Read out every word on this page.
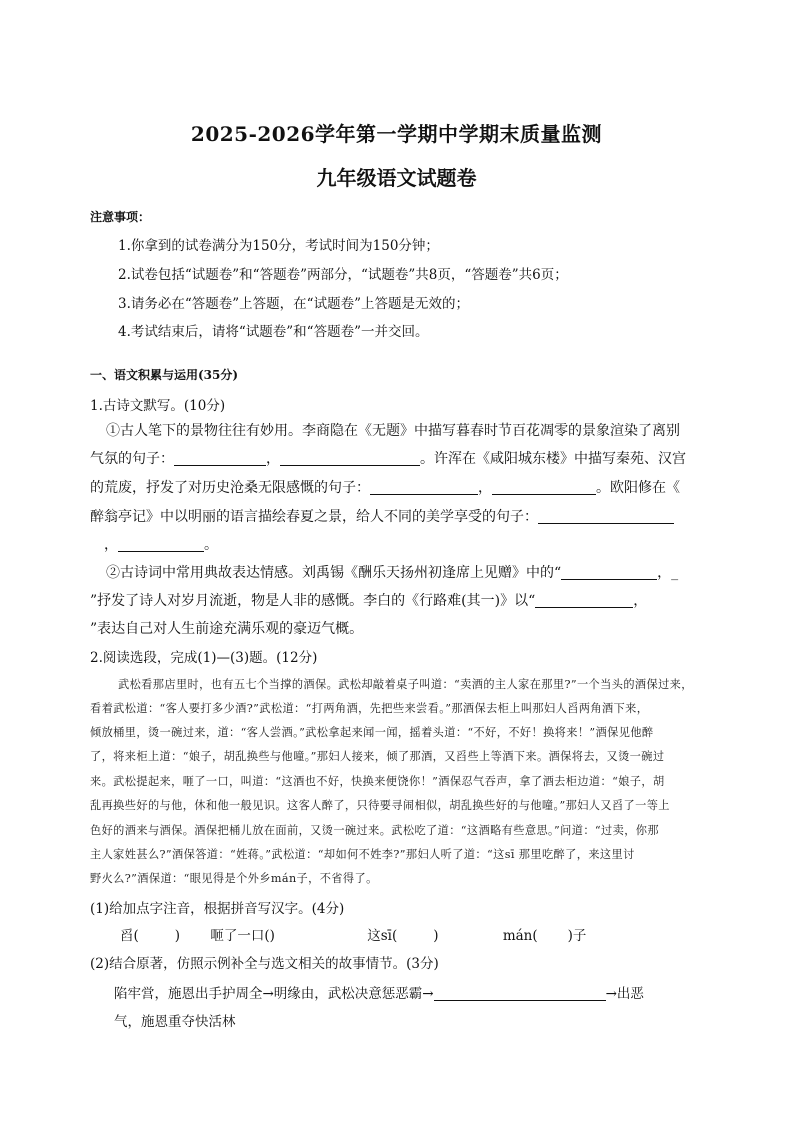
2025-2026学年第一学期中学期末质量监测
九年级语文试题卷
注意事项：
1.你拿到的试卷满分为150分，考试时间为150分钟；
2.试卷包括“试题卷”和“答题卷”两部分，“试题卷”共8页，“答题卷”共6页；
3.请务必在“答题卷”上答题，在“试题卷”上答题是无效的；
4.考试结束后，请将“试题卷”和“答题卷”一并交回。
一、语文积累与运用(35分)
1.古诗文默写。(10分)
①古人笔下的景物往往有妙用。李商隐在《无题》中描写暮春时节百花凋零的景象渲染了离别
气氛的句子：	，	。许浑在《咸阳城东楼》中描写秦苑、汉宫
的荒废，抒发了对历史沧桑无限感慨的句子：	，	。欧阳修在《
醉翁亭记》中以明丽的语言描绘春夏之景，给人不同的美学享受的句子：
，	。
②古诗词中常用典故表达情感。刘禹锡《酬乐天扬州初逢席上见赠》中的“	，_
”抒发了诗人对岁月流逝，物是人非的感慨。李白的《行路难(其一)》以“	，
”表达自己对人生前途充满乐观的豪迈气概。
2.阅读选段，完成(1)—(3)题。(12分)
武松看那店里时，也有五七个当撑的酒保。武松却敲着桌子叫道：“卖酒的主人家在那里?”一个当头的酒保过来，
看着武松道：“客人要打多少酒?”武松道：“打两角酒，先把些来尝看。”那酒保去柜上叫那妇人舀两角酒下来，
倾放桶里，烫一碗过来，道：“客人尝酒。”武松拿起来闻一闻，摇着头道：“不好，不好！换将来！”酒保见他醉
了，将来柜上道：“娘子，胡乱换些与他噇。”那妇人接来，倾了那酒，又舀些上等酒下来。酒保将去，又烫一碗过
来。武松提起来，咂了一口，叫道：“这酒也不好，快换来便饶你！”酒保忍气吞声，拿了酒去柜边道：“娘子，胡
乱再换些好的与他，休和他一般见识。这客人醉了，只待要寻闹相似，胡乱换些好的与他噇。”那妇人又舀了一等上
色好的酒来与酒保。酒保把桶儿放在面前，又烫一碗过来。武松吃了道：“这酒略有些意思。”问道：“过卖，你那
主人家姓甚么?”酒保答道：“姓蒋。”武松道：“却如何不姓李?”那妇人听了道：“这sī 那里吃醉了，来这里讨
野火么?”酒保道：“眼见得是个外乡mán子，不省得了。
(1)给加点字注音，根据拼音写汉字。(4分)
舀(	) 咂了一口()	这sī(	)	mán( )子
(2)结合原著，仿照示例补全与选文相关的故事情节。(3分)
陷牢営，施恩出手护周全→明缘由，武松决意惩恶霸→	→出恶
气，施恩重夺快活林
